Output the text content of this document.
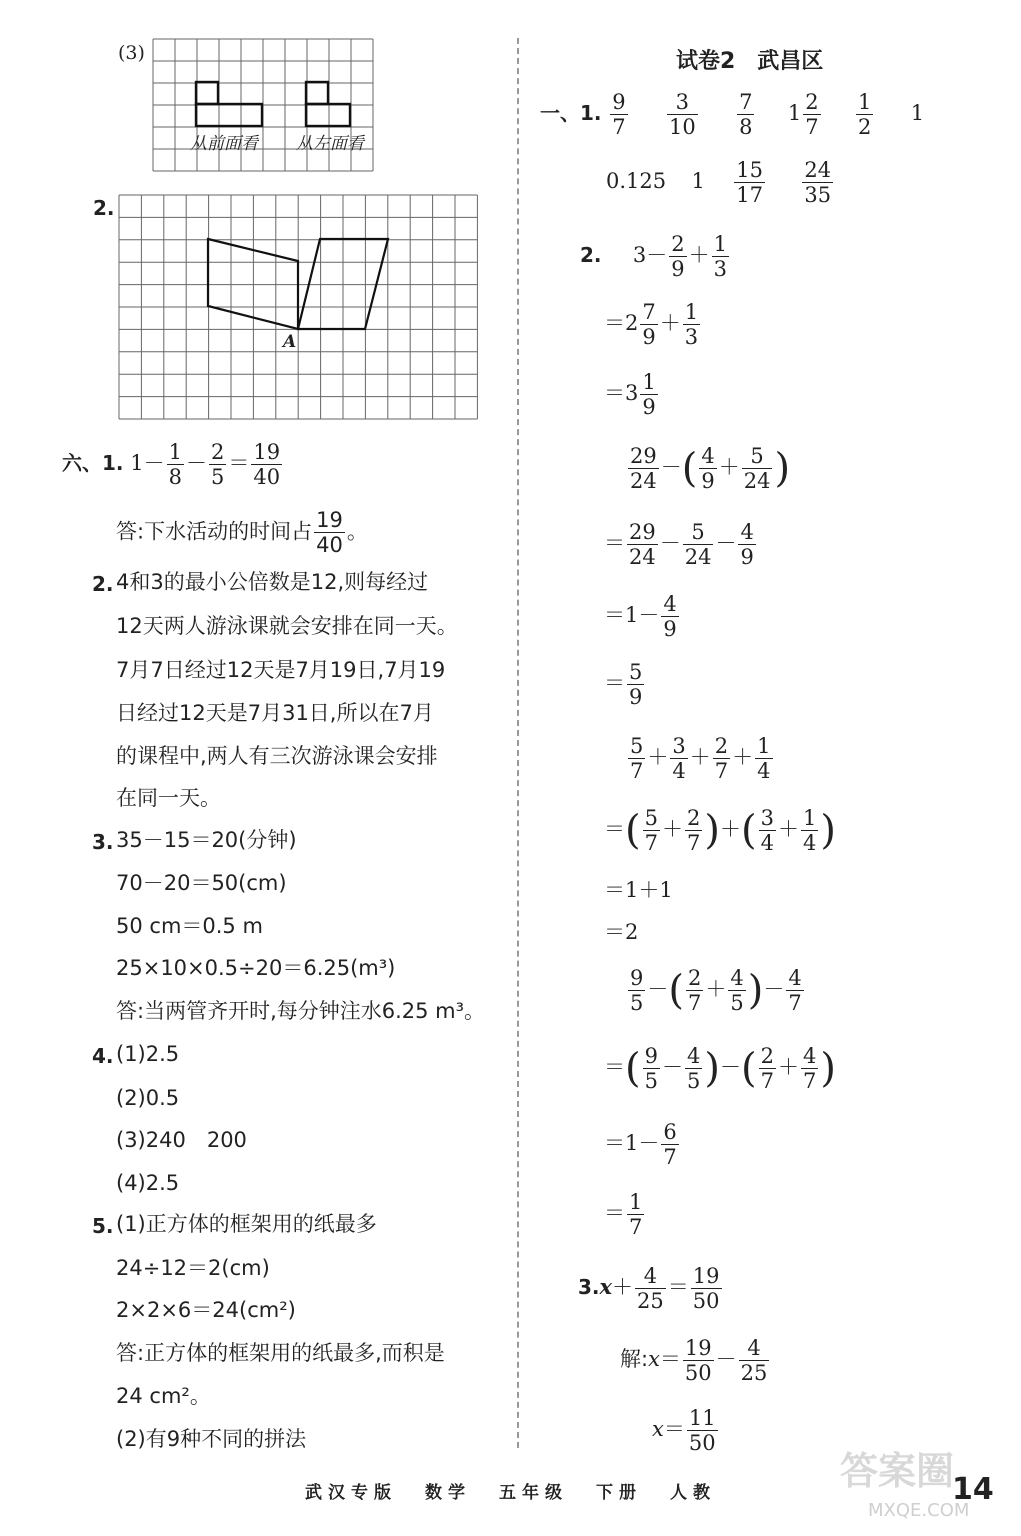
(3)
从前面看 从左面看
2.
A
六、1. $1- \frac{1}{8} - \frac{2}{5} = \frac{19}{40}$
答:下水活动的时间占 $\frac{19}{40}$ 。
2. 4和3的最小公倍数是12,则每经过
12天两人游泳课就会安排在同一天。
7月7日经过12天是7月19日,7月19
日经过12天是7月31日,所以在7月
的课程中,两人有三次游泳课会安排
在同一天。
3. 35－15＝20(分钟)
70－20＝50(cm)
50 cm＝0.5 m
25×10×0.5÷20＝6.25(m³)
答:当两管齐开时,每分钟注水6.25 m³。
4. (1)2.5
(2)0.5
(3)240　200
(4)2.5
5. (1)正方体的框架用的纸最多
24÷12＝2(cm)
2×2×6＝24(cm²)
答:正方体的框架用的纸最多,而积是
24 cm²。
(2)有9种不同的拼法
试卷2　武昌区
一、1. $\frac{9}{7}$
$\frac{3}{10}$
$\frac{7}{8} 1 \frac{2}{7}$
$\frac{1}{2} 1$
0.125 $1 \frac{15}{17}$
$\frac{24}{35}$
2. $3- \frac{2}{9} + \frac{1}{3}$
$=2 \frac{7}{9} + \frac{1}{3}$
$=3 \frac{1}{9}$
$\frac{29}{24}$ －( $\frac{4}{9} + \frac{5}{24}$ )
＝ $\frac{29}{24} - \frac{5}{24} - \frac{4}{9}$
$=1- \frac{4}{9}$
＝ $\frac{5}{9}$
$\frac{5}{7} + \frac{3}{4} + \frac{2}{7} + \frac{1}{4}$
＝( $\frac{5}{7} + \frac{2}{7}$ )＋( $\frac{3}{4} + \frac{1}{4}$ )
＝1＋1
＝2
$\frac{9}{5}$ －( $\frac{2}{7} + \frac{4}{5}$ )－ $\frac{4}{7}$
＝( $\frac{9}{5} - \frac{4}{5}$ )－( $\frac{2}{7} + \frac{4}{7}$ )
$=1- \frac{6}{7}$
＝ $\frac{1}{7}$
$3.x+ \frac{4}{25} = \frac{19}{50}$
解:x＝ $\frac{19}{50} - \frac{4}{25}$
$x= \frac{11}{50}$
武汉专版 数学 五年级 下册 人教	答案圈
MXQE.COM
14
